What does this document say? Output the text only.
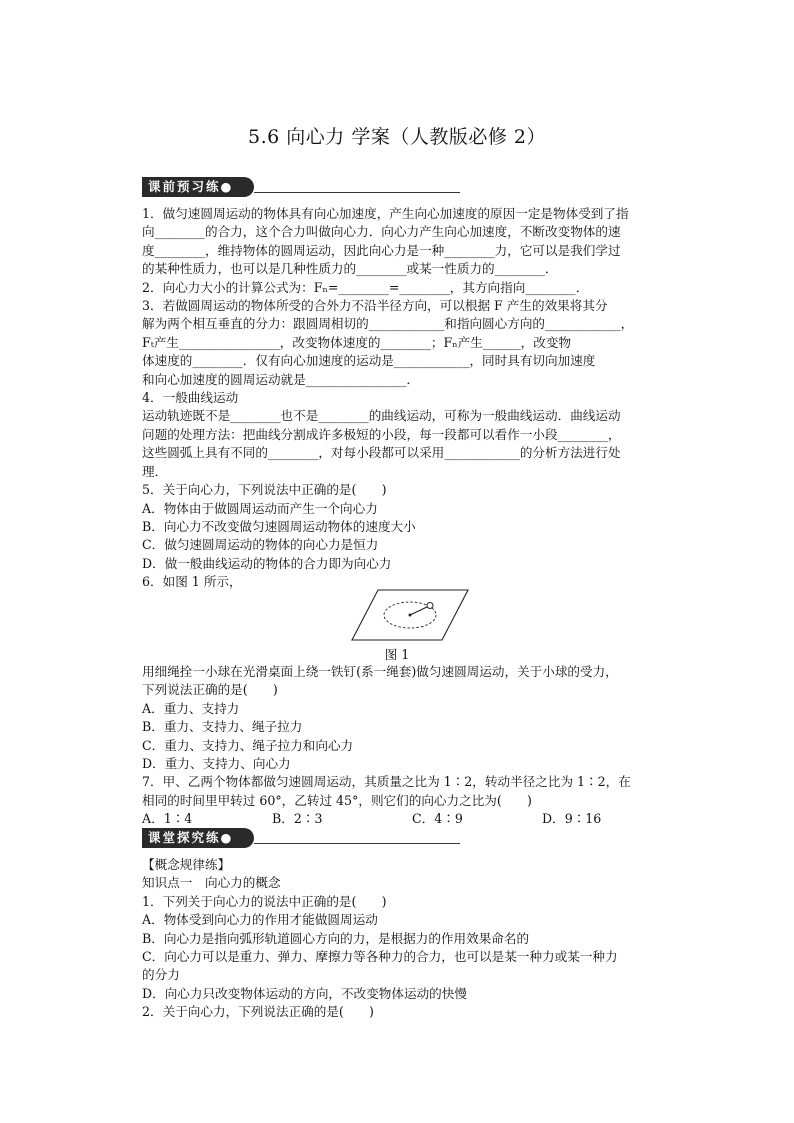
5.6 向心力 学案（人教版必修 2）
课前预习练●

1．做匀速圆周运动的物体具有向心加速度，产生向心加速度的原因一定是物体受到了指

向________的合力，这个合力叫做向心力．向心力产生向心加速度，不断改变物体的速

度________，维持物体的圆周运动，因此向心力是一种________力，它可以是我们学过

的某种性质力，也可以是几种性质力的________或某一性质力的________．

2．向心力大小的计算公式为：Fₙ=________=________，其方向指向________．

3．若做圆周运动的物体所受的合外力不沿半径方向，可以根据 F 产生的效果将其分

解为两个相互垂直的分力：跟圆周相切的____________和指向圆心方向的____________，

Fₜ产生________________，改变物体速度的________；Fₙ产生______，改变物

体速度的________．仅有向心加速度的运动是____________，同时具有切向加速度

和向心加速度的圆周运动就是________________．

4．一般曲线运动

运动轨迹既不是________也不是________的曲线运动，可称为一般曲线运动．曲线运动

问题的处理方法：把曲线分割成许多极短的小段，每一段都可以看作一小段________，

这些圆弧上具有不同的________，对每小段都可以采用____________的分析方法进行处

理．

5．关于向心力，下列说法中正确的是(　　)

A．物体由于做圆周运动而产生一个向心力

B．向心力不改变做匀速圆周运动物体的速度大小

C．做匀速圆周运动的物体的向心力是恒力

D．做一般曲线运动的物体的合力即为向心力

6．如图 1 所示，

图 1

用细绳拴一小球在光滑桌面上绕一铁钉(系一绳套)做匀速圆周运动，关于小球的受力，

下列说法正确的是(　　)

A．重力、支持力

B．重力、支持力、绳子拉力

C．重力、支持力、绳子拉力和向心力

D．重力、支持力、向心力

7．甲、乙两个物体都做匀速圆周运动，其质量之比为 1∶2，转动半径之比为 1∶2，在

相同的时间里甲转过 60°，乙转过 45°，则它们的向心力之比为(　　)

A．1∶4	B．2∶3	C．4∶9	D．9∶16
课堂探究练●

【概念规律练】

知识点一　向心力的概念

1．下列关于向心力的说法中正确的是(　　)

A．物体受到向心力的作用才能做圆周运动

B．向心力是指向弧形轨道圆心方向的力，是根据力的作用效果命名的

C．向心力可以是重力、弹力、摩擦力等各种力的合力，也可以是某一种力或某一种力

的分力

D．向心力只改变物体运动的方向，不改变物体运动的快慢

2．关于向心力，下列说法正确的是(　　)
